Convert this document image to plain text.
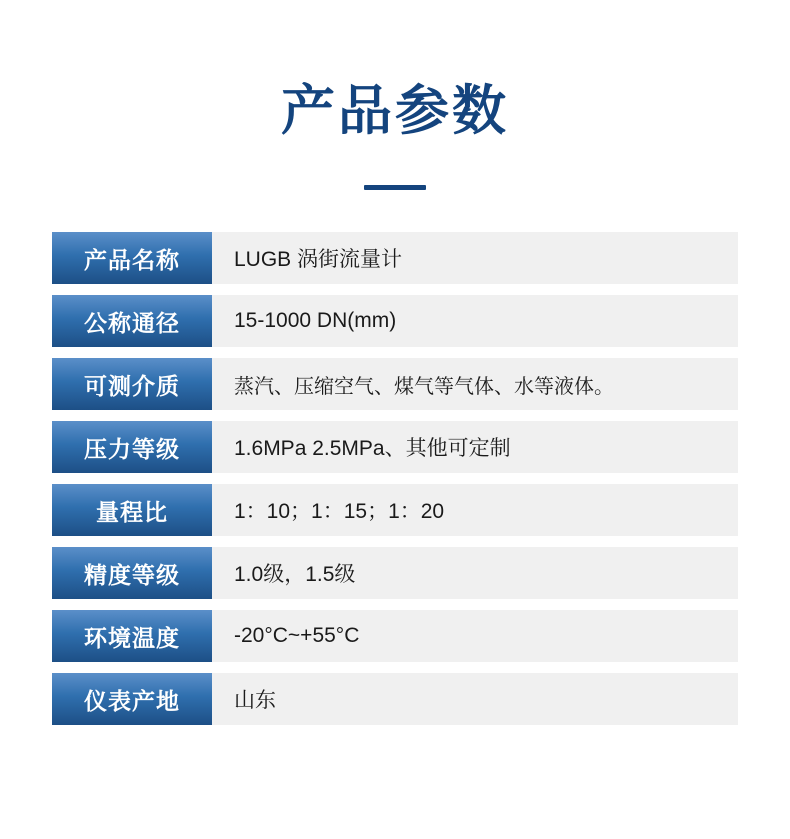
产品参数
产品名称	LUGB 涡街流量计
公称通径	15-1000 DN(mm)
可测介质	蒸汽、压缩空气、煤气等气体、水等液体。
压力等级	1.6MPa 2.5MPa、其他可定制
量程比	1：10；1：15；1：20
精度等级	1.0级，1.5级
环境温度	-20°C~+55°C
仪表产地	山东
